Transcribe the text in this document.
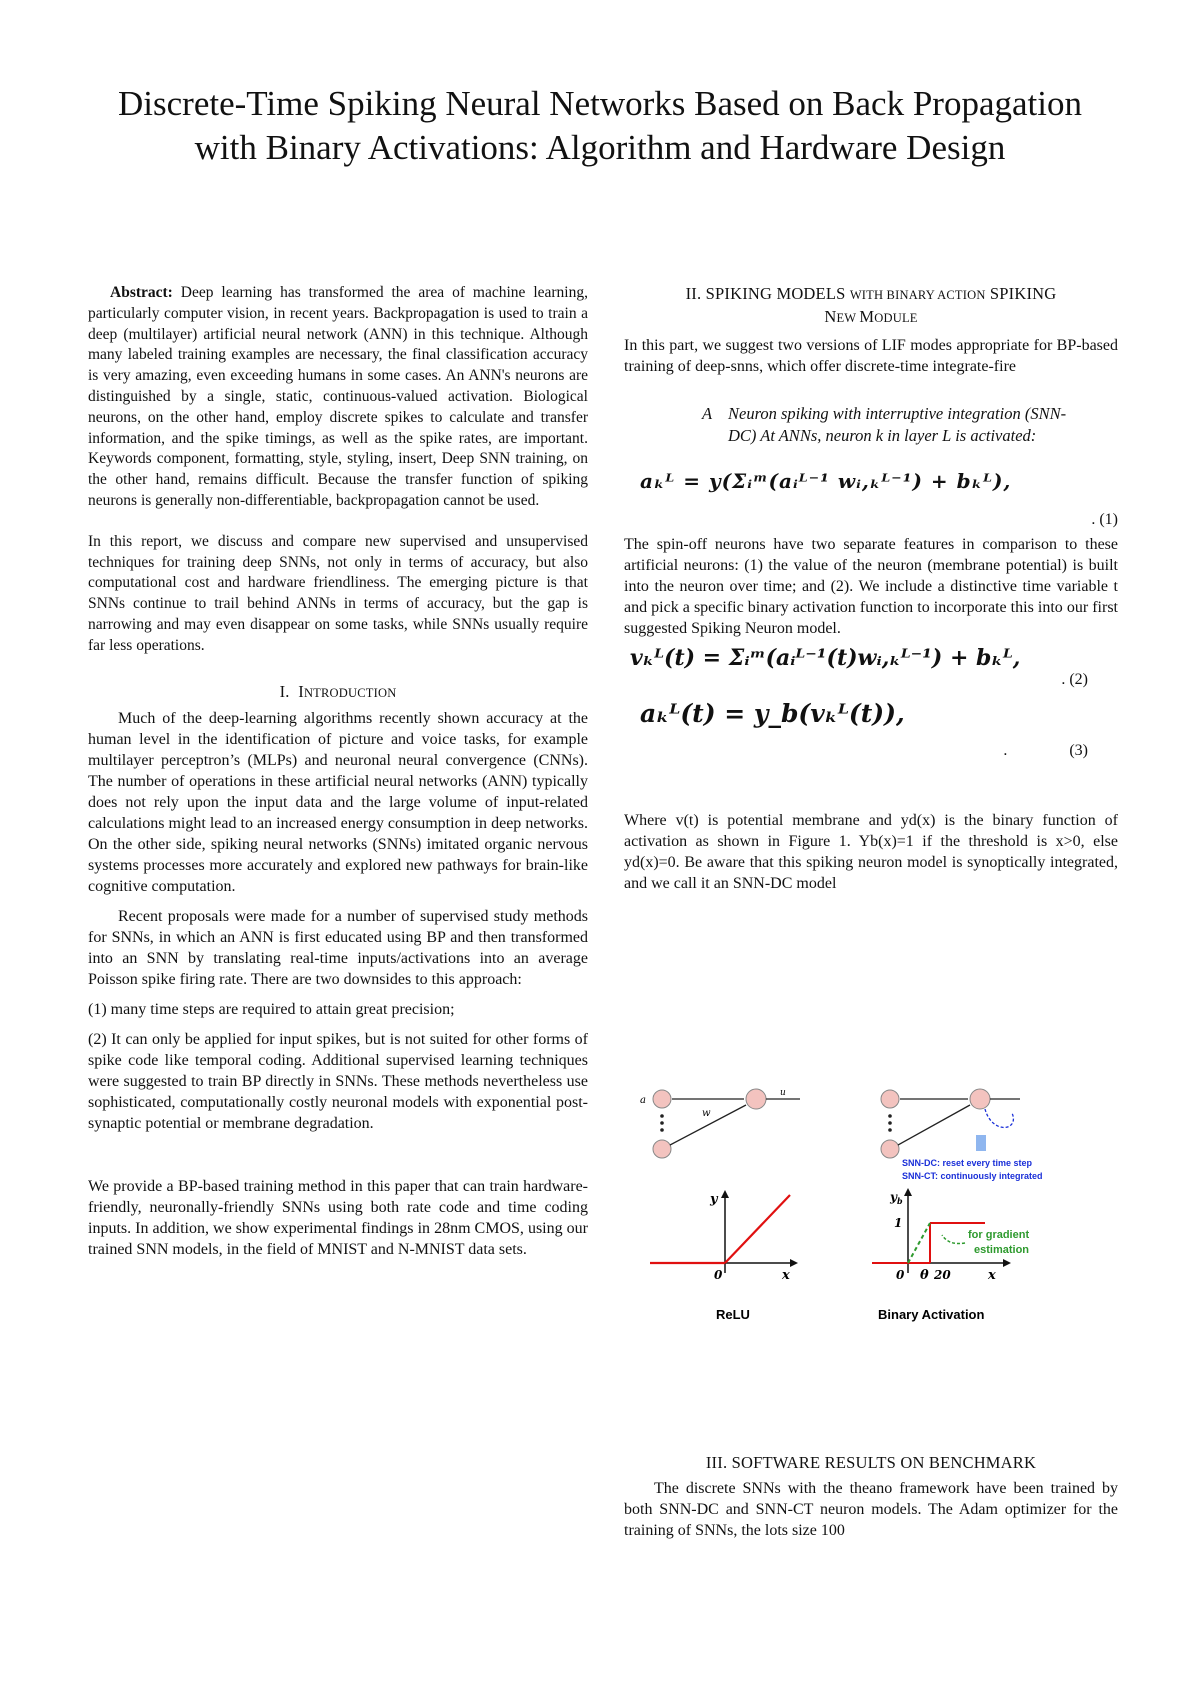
Discrete-Time Spiking Neural Networks Based on Back Propagation
with Binary Activations: Algorithm and Hardware Design

Abstract: Deep learning has transformed the area of machine learning, particularly computer vision, in recent years. Backpropagation is used to train a deep (multilayer) artificial neural network (ANN) in this technique. Although many labeled training examples are necessary, the final classification accuracy is very amazing, even exceeding humans in some cases. An ANN's neurons are distinguished by a single, static, continuous-valued activation. Biological neurons, on the other hand, employ discrete spikes to calculate and transfer information, and the spike timings, as well as the spike rates, are important. Keywords component, formatting, style, styling, insert, Deep SNN training, on the other hand, remains difficult. Because the transfer function of spiking neurons is generally non-differentiable, backpropagation cannot be used.

In this report, we discuss and compare new supervised and unsupervised techniques for training deep SNNs, not only in terms of accuracy, but also computational cost and hardware friendliness. The emerging picture is that SNNs continue to trail behind ANNs in terms of accuracy, but the gap is narrowing and may even disappear on some tasks, while SNNs usually require far less operations.

I. INTRODUCTION

Much of the deep-learning algorithms recently shown accuracy at the human level in the identification of picture and voice tasks, for example multilayer perceptron’s (MLPs) and neuronal neural convergence (CNNs). The number of operations in these artificial neural networks (ANN) typically does not rely upon the input data and the large volume of input-related calculations might lead to an increased energy consumption in deep networks. On the other side, spiking neural networks (SNNs) imitated organic nervous systems processes more accurately and explored new pathways for brain-like cognitive computation.

Recent proposals were made for a number of supervised study methods for SNNs, in which an ANN is first educated using BP and then transformed into an SNN by translating real-time inputs/activations into an average Poisson spike firing rate. There are two downsides to this approach:

(1) many time steps are required to attain great precision;

(2) It can only be applied for input spikes, but is not suited for other forms of spike code like temporal coding. Additional supervised learning techniques were suggested to train BP directly in SNNs. These methods nevertheless use sophisticated, computationally costly neuronal models with exponential post-synaptic potential or membrane degradation.

We provide a BP-based training method in this paper that can train hardware-friendly, neuronally-friendly SNNs using both rate code and time coding inputs. In addition, we show experimental findings in 28nm CMOS, using our trained SNN models, in the field of MNIST and N-MNIST data sets.

II. SPIKING MODELS WITH BINARY ACTION SPIKING
NEW MODULE

In this part, we suggest two versions of LIF modes appropriate for BP-based training of deep-snns, which offer discrete-time integrate-fire

A Neuron spiking with interruptive integration (SNN-DC) At ANNs, neuron k in layer L is activated:
aₖᴸ = y(Σᵢᵐ(aᵢᴸ⁻¹ wᵢ,ₖᴸ⁻¹) + bₖᴸ),
. (1)

The spin-off neurons have two separate features in comparison to these artificial neurons: (1) the value of the neuron (membrane potential) is built into the neuron over time; and (2). We include a distinctive time variable t and pick a specific binary activation function to incorporate this into our first suggested Spiking Neuron model.

vₖᴸ(t) = Σᵢᵐ(aᵢᴸ⁻¹(t)wᵢ,ₖᴸ⁻¹) + bₖᴸ,
. (2)
aₖᴸ(t) = y_b(vₖᴸ(t)),
.	(3)

Where v(t) is potential membrane and yd(x) is the binary function of activation as shown in Figure 1. Yb(x)=1 if the threshold is x>0, else yd(x)=0. Be aware that this spiking neuron model is synoptically integrated, and we call it an SNN-DC model

w
a
u
SNN-DC: reset every time step
SNN-CT: continuously integrated
y
x
0
ReLU
$y_b$
1
0 θ 20	x
for gradient
estimation
Binary Activation

III. SOFTWARE RESULTS ON BENCHMARK

The discrete SNNs with the theano framework have been trained by both SNN-DC and SNN-CT neuron models. The Adam optimizer for the training of SNNs, the lots size 100
